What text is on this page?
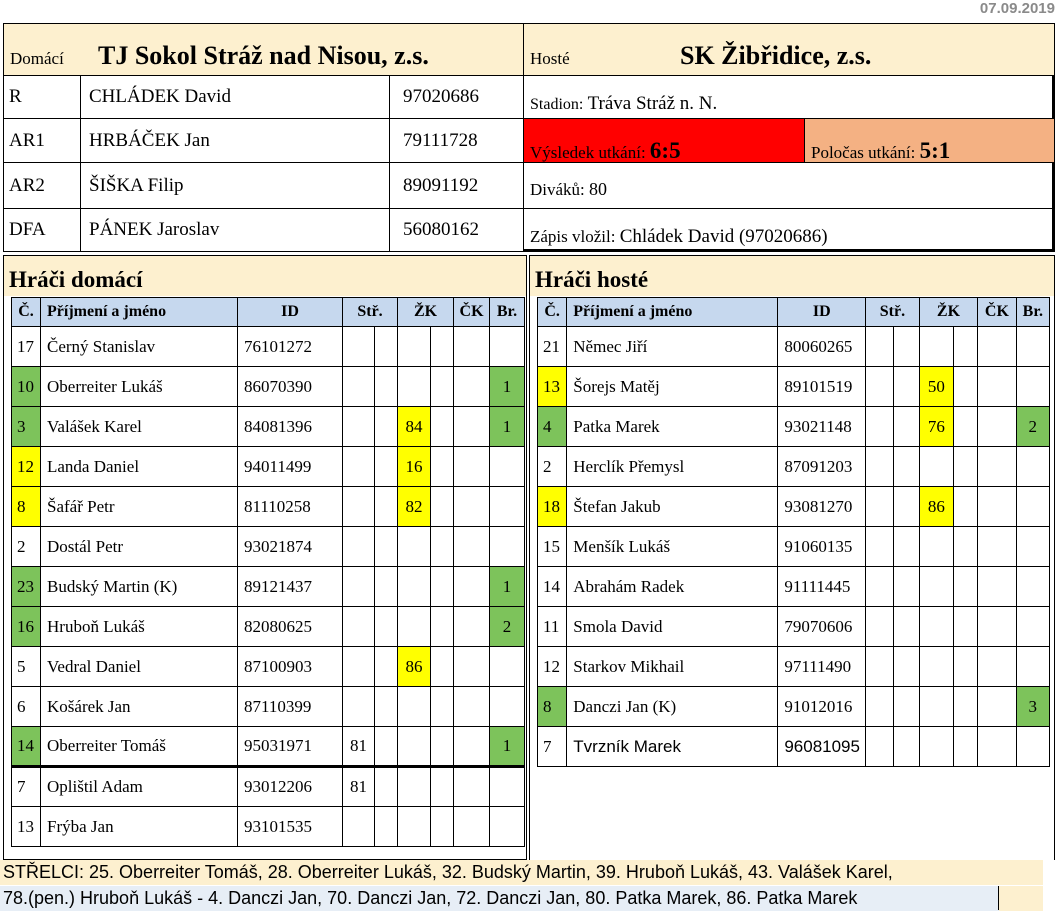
07.09.2019
Domácí TJ Sokol Stráž nad Nisou, z.s.	Hosté	SK Žibřidice, z.s.
R	CHLÁDEK David	97020686
AR1 HRBÁČEK Jan	79111728
AR2 ŠIŠKA Filip	89091192
DFA PÁNEK Jaroslav	56080162
Stadion: Tráva Stráž n. N.
Výsledek utkání: 6:5	Poločas utkání: 5:1
Diváků: 80
Zápis vložil: Chládek David (97020686)
Hráči domácí
Č.	Příjmení a jméno	ID	Stř.		ŽK		ČK	Br.
17	Černý Stanislav	76101272						
10	Oberreiter Lukáš	86070390						1
3	Valášek Karel	84081396			84			1
12	Landa Daniel	94011499			16			
8	Šafář Petr	81110258			82			
2	Dostál Petr	93021874						
23	Budský Martin (K)	89121437						1
16	Hruboň Lukáš	82080625						2
5	Vedral Daniel	87100903			86			
6	Košárek Jan	87110399						
14	Oberreiter Tomáš	95031971	81					1
7	Oplištil Adam	93012206	81					
13	Frýba Jan	93101535						
Hráči hosté
Č.	Příjmení a jméno	ID	Stř.		ŽK		ČK	Br.
21	Němec Jiří	80060265						
13	Šorejs Matěj	89101519			50			
4	Patka Marek	93021148			76			2
2	Herclík Přemysl	87091203						
18	Štefan Jakub	93081270			86			
15	Menšík Lukáš	91060135						
14	Abrahám Radek	91111445						
11	Smola David	79070606						
12	Starkov Mikhail	97111490						
8	Danczi Jan (K)	91012016						3
7	Tvrzník Marek	96081095						
STŘELCI: 25. Oberreiter Tomáš, 28. Oberreiter Lukáš, 32. Budský Martin, 39. Hruboň Lukáš, 43. Valášek Karel,
78.(pen.) Hruboň Lukáš - 4. Danczi Jan, 70. Danczi Jan, 72. Danczi Jan, 80. Patka Marek, 86. Patka Marek
